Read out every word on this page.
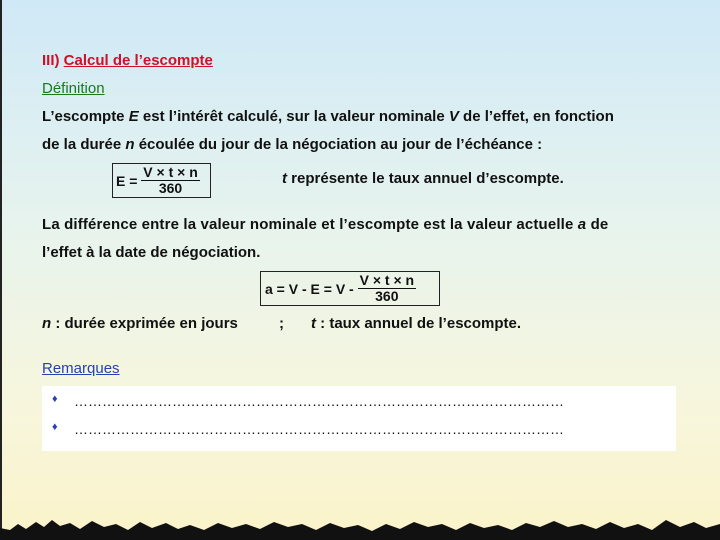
III) Calcul de l’escompte
Définition
L’escompte E est l’intérêt calculé, sur la valeur nominale V de l’effet, en fonction
de la durée n écoulée du jour de la négociation au jour de l’échéance :
$E = \frac{V \times t \times n}{360}$	t représente le taux annuel d’escompte.
La différence entre la valeur nominale et l’escompte est la valeur actuelle a de
l’effet à la date de négociation.
$a = V - E = V - \frac{V \times t \times n}{360}$
n : durée exprimée en jours	; t : taux annuel de l’escompte.
Remarques
♦ ……………………………………………………………………………………………
♦ ……………………………………………………………………………………………
